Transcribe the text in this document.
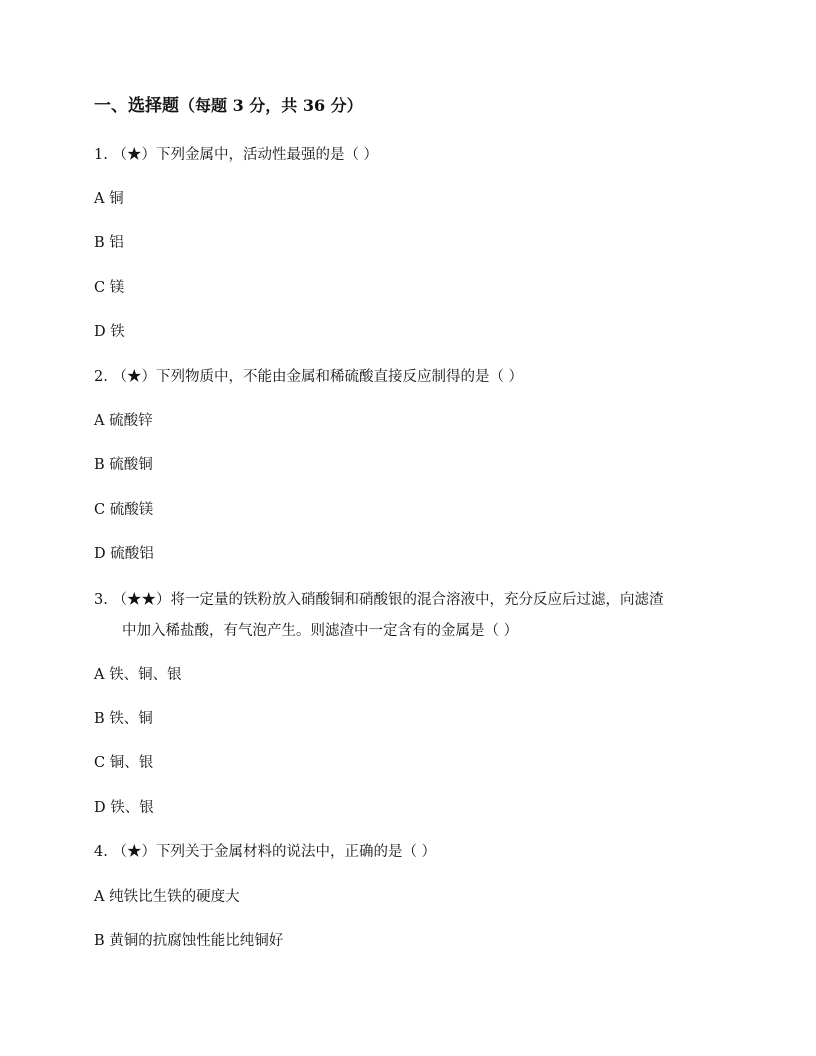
一、选择题（每题 3 分，共 36 分）
1. （★）下列金属中，活动性最强的是（ ）
A 铜
B 铝
C 镁
D 铁
2. （★）下列物质中，不能由金属和稀硫酸直接反应制得的是（ ）
A 硫酸锌
B 硫酸铜
C 硫酸镁
D 硫酸铝
3. （★★）将一定量的铁粉放入硝酸铜和硝酸银的混合溶液中，充分反应后过滤，向滤渣
中加入稀盐酸，有气泡产生。则滤渣中一定含有的金属是（ ）
A 铁、铜、银
B 铁、铜
C 铜、银
D 铁、银
4. （★）下列关于金属材料的说法中，正确的是（ ）
A 纯铁比生铁的硬度大
B 黄铜的抗腐蚀性能比纯铜好
